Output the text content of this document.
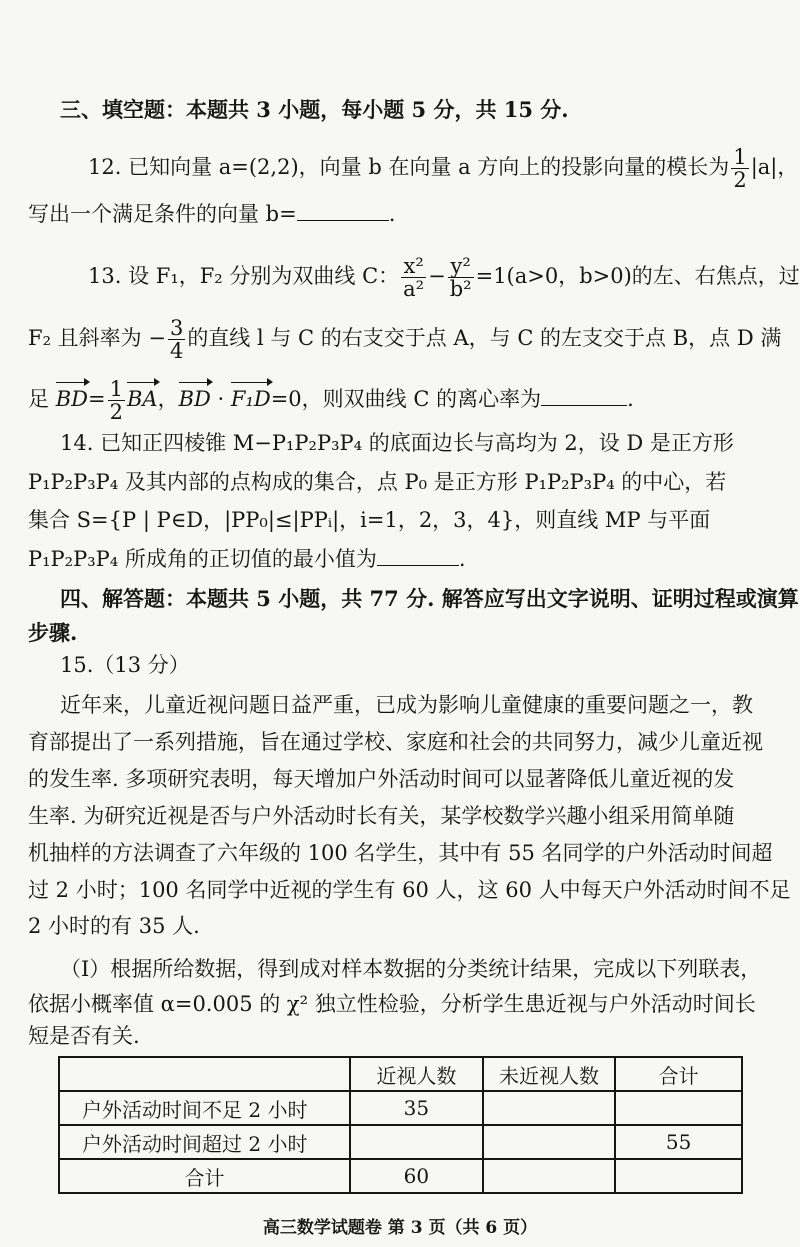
三、填空题：本题共 3 小题，每小题 5 分，共 15 分.
12. 已知向量 a=(2,2)，向量 b 在向量 a 方向上的投影向量的模长为 $\frac{1}{2} |a|$，
写出一个满足条件的向量 b=	.
13. 设 F₁，F₂ 分别为双曲线 C： $\frac{\text{x²}}{\text{a²}} - \frac{\text{y²}}{\text{b²}} =1(a>0$，b>0)的左、右焦点，过
F₂ 且斜率为 − $\frac{3}{4}$ 的直线 l 与 C 的右支交于点 A，与 C 的左支交于点 B，点 D 满
足 $BD= \frac{1}{2}$ BA，BD · F₁D=0，则双曲线 C 的离心率为	.
14. 已知正四棱锥 M−P₁P₂P₃P₄ 的底面边长与高均为 2，设 D 是正方形
P₁P₂P₃P₄ 及其内部的点构成的集合，点 P₀ 是正方形 P₁P₂P₃P₄ 的中心，若
集合 S={P | P∈D，|PP₀|≤|PPᵢ|，i=1，2，3，4}，则直线 MP 与平面
P₁P₂P₃P₄ 所成角的正切值的最小值为	.
四、解答题：本题共 5 小题，共 77 分. 解答应写出文字说明、证明过程或演算
步骤.
15.（13 分）
近年来，儿童近视问题日益严重，已成为影响儿童健康的重要问题之一，教
育部提出了一系列措施，旨在通过学校、家庭和社会的共同努力，减少儿童近视
的发生率. 多项研究表明，每天增加户外活动时间可以显著降低儿童近视的发
生率. 为研究近视是否与户外活动时长有关，某学校数学兴趣小组采用简单随
机抽样的方法调查了六年级的 100 名学生，其中有 55 名同学的户外活动时间超
过 2 小时；100 名同学中近视的学生有 60 人，这 60 人中每天户外活动时间不足
2 小时的有 35 人.
（Ⅰ）根据所给数据，得到成对样本数据的分类统计结果，完成以下列联表，
依据小概率值 α=0.005 的 χ² 独立性检验，分析学生患近视与户外活动时间长
短是否有关.
	近视人数	未近视人数	合计
户外活动时间不足 2 小时	35		
户外活动时间超过 2 小时			55
合计	60		
高三数学试题卷 第 3 页（共 6 页）
